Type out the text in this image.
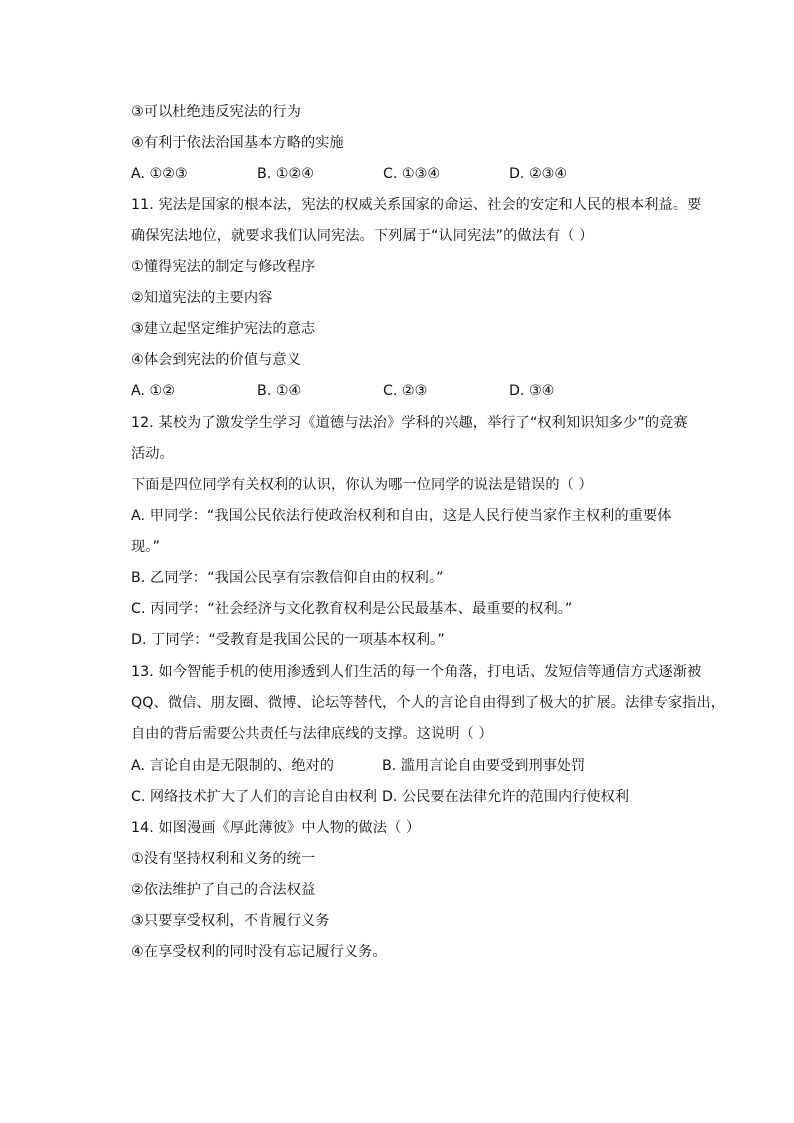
③可以杜绝违反宪法的行为
④有利于依法治国基本方略的实施
A. ①②③	B. ①②④	C. ①③④	D. ②③④
11. 宪法是国家的根本法，宪法的权威关系国家的命运、社会的安定和人民的根本利益。要
确保宪法地位，就要求我们认同宪法。下列属于“认同宪法”的做法有（ ）
①懂得宪法的制定与修改程序
②知道宪法的主要内容
③建立起坚定维护宪法的意志
④体会到宪法的价值与意义
A. ①②	B. ①④	C. ②③	D. ③④
12. 某校为了激发学生学习《道德与法治》学科的兴趣，举行了“权利知识知多少”的竞赛
活动。
下面是四位同学有关权利的认识，你认为哪一位同学的说法是错误的（ ）
A. 甲同学：“我国公民依法行使政治权利和自由，这是人民行使当家作主权利的重要体
现。”
B. 乙同学：“我国公民享有宗教信仰自由的权利。”
C. 丙同学：“社会经济与文化教育权利是公民最基本、最重要的权利。”
D. 丁同学：“受教育是我国公民的一项基本权利。”
13. 如今智能手机的使用渗透到人们生活的每一个角落，打电话、发短信等通信方式逐渐被
QQ、微信、朋友圈、微博、论坛等替代，个人的言论自由得到了极大的扩展。法律专家指出，
自由的背后需要公共责任与法律底线的支撑。这说明（ ）
A. 言论自由是无限制的、绝对的	B. 滥用言论自由要受到刑事处罚
C. 网络技术扩大了人们的言论自由权利 D. 公民要在法律允许的范围内行使权利
14. 如图漫画《厚此薄彼》中人物的做法（ ）
①没有坚持权利和义务的统一
②依法维护了自己的合法权益
③只要享受权利，不肯履行义务
④在享受权利的同时没有忘记履行义务。
